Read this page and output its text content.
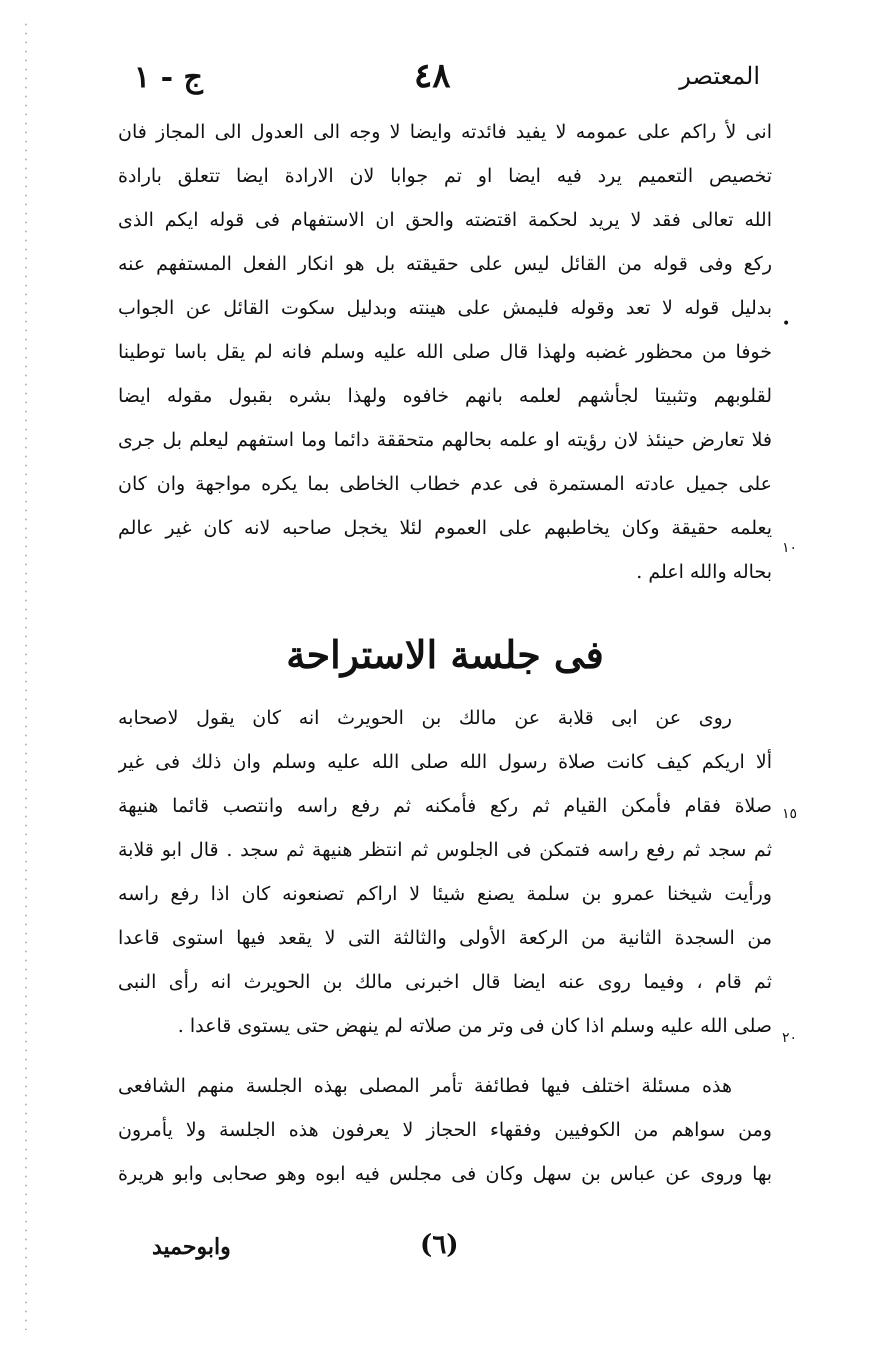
المعتصر
٤٨
ج - ١
انى لأ راكم على عمومه لا يفيد فائدته وايضا لا وجه الى العدول الى المجاز فان
تخصيص التعميم يرد فيه ايضا او تم جوابا لان الارادة ايضا تتعلق بارادة
الله تعالى فقد لا يريد لحكمة اقتضته والحق ان الاستفهام فى قوله ايكم الذى
ركع وفى قوله من القائل ليس على حقيقته بل هو انكار الفعل المستفهم عنه
بدليل قوله لا تعد وقوله فليمش على هينته وبدليل سكوت القائل عن الجواب
خوفا من محظور غضبه ولهذا قال صلى الله عليه وسلم فانه لم يقل باسا توطينا
لقلوبهم وتثبيتا لجأشهم لعلمه بانهم خافوه ولهذا بشره بقبول مقوله ايضا
فلا تعارض حينئذ لان رؤيته او علمه بحالهم متحققة دائما وما استفهم ليعلم بل جرى
على جميل عادته المستمرة فى عدم خطاب الخاطى بما يكره مواجهة وان كان
يعلمه حقيقة وكان يخاطبهم على العموم لئلا يخجل صاحبه لانه كان غير عالم
بحاله والله اعلم .
فى جلسة الاستراحة
روى عن ابى قلابة عن مالك بن الحويرث انه كان يقول لاصحابه
ألا اريكم كيف كانت صلاة رسول الله صلى الله عليه وسلم وان ذلك فى غير
صلاة فقام فأمكن القيام ثم ركع فأمكنه ثم رفع راسه وانتصب قائما هنيهة
ثم سجد ثم رفع راسه فتمكن فى الجلوس ثم انتظر هنيهة ثم سجد . قال ابو قلابة
ورأيت شيخنا عمرو بن سلمة يصنع شيئا لا اراكم تصنعونه كان اذا رفع راسه
من السجدة الثانية من الركعة الأولى والثالثة التى لا يقعد فيها استوى قاعدا
ثم قام ، وفيما روى عنه ايضا قال اخبرنى مالك بن الحويرث انه رأى النبى
صلى الله عليه وسلم اذا كان فى وتر من صلاته لم ينهض حتى يستوى قاعدا .
هذه مسئلة اختلف فيها فطائفة تأمر المصلى بهذه الجلسة منهم الشافعى
ومن سواهم من الكوفيين وفقهاء الحجاز لا يعرفون هذه الجلسة ولا يأمرون
بها وروى عن عباس بن سهل وكان فى مجلس فيه ابوه وهو صحابى وابو هريرة
•
١٠
١٥
٢٠
(٦)
وابوحميد
